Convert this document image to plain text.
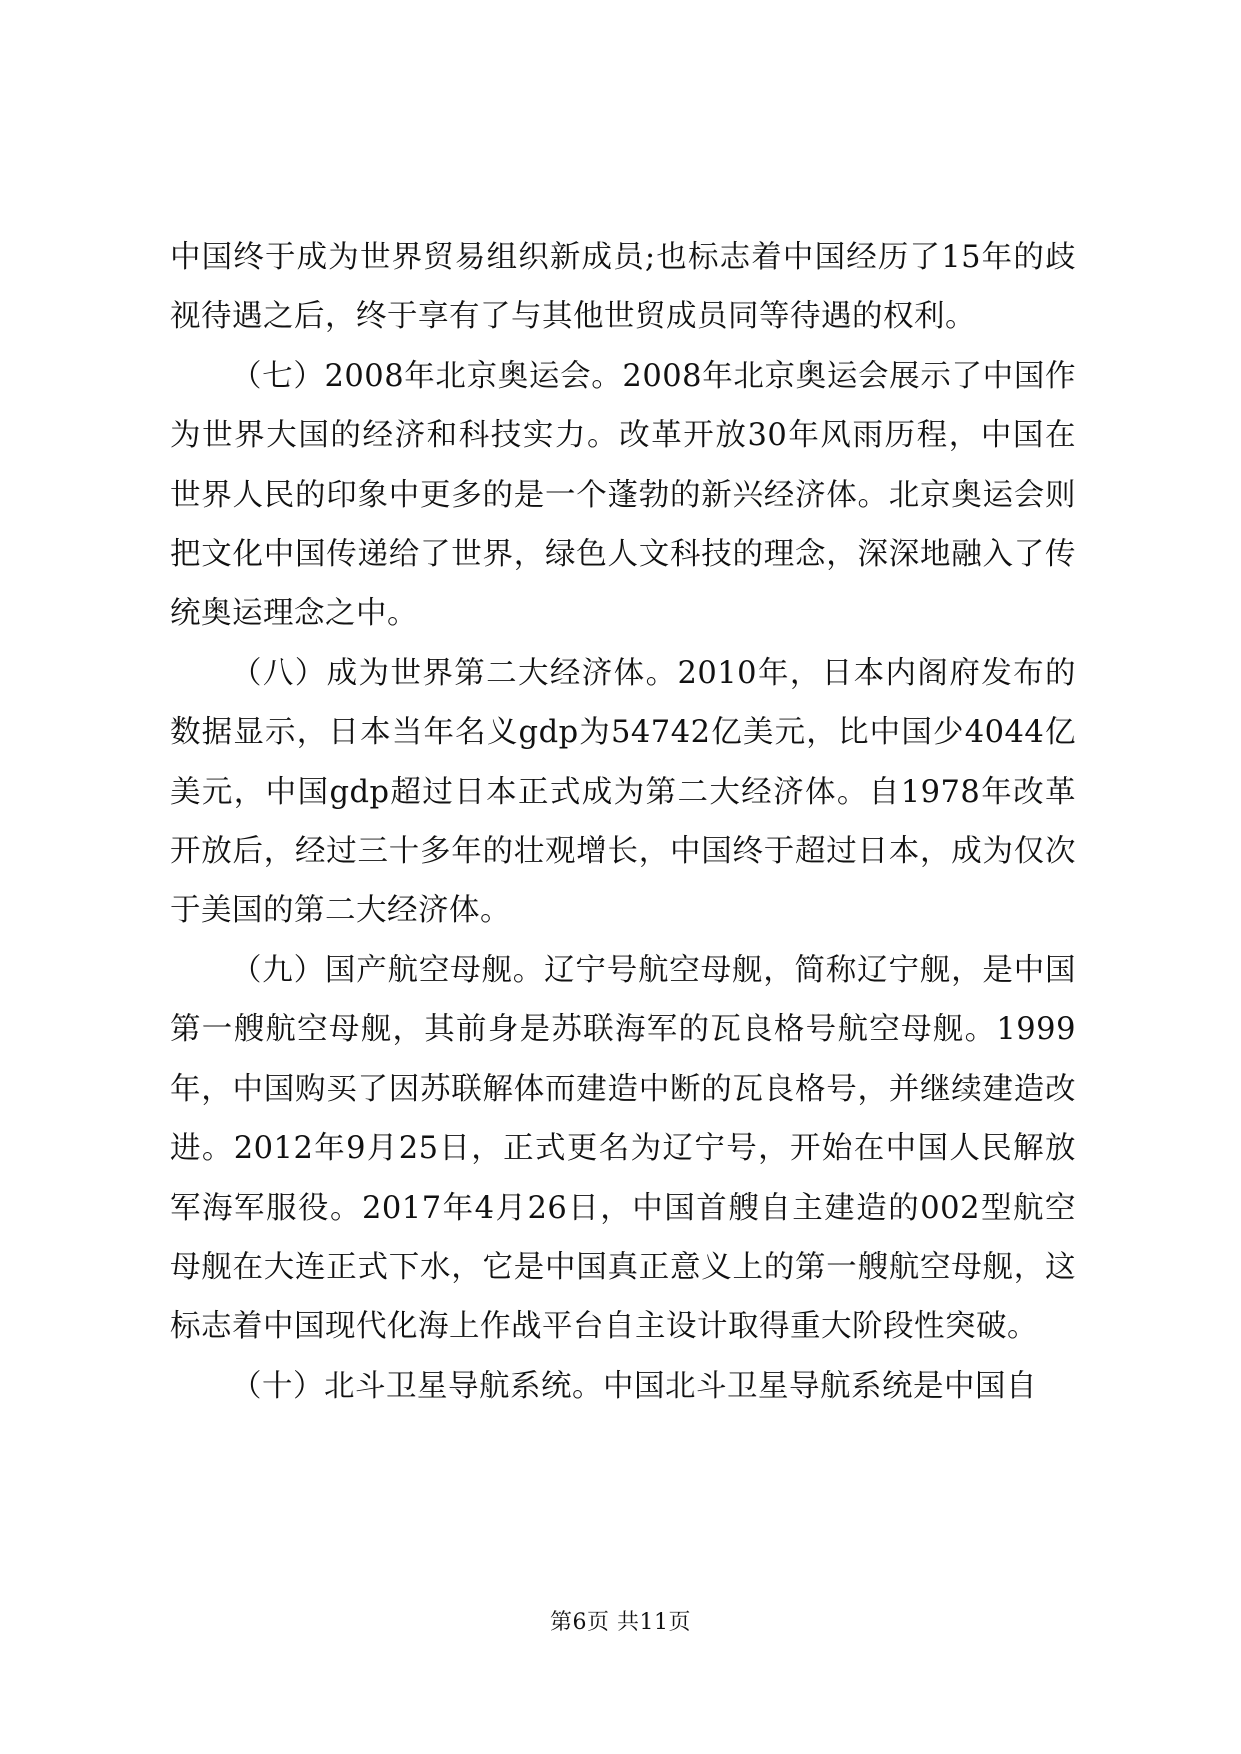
中国终于成为世界贸易组织新成员;也标志着中国经历了15年的歧视待遇之后，终于享有了与其他世贸成员同等待遇的权利。

（七）2008年北京奥运会。2008年北京奥运会展示了中国作为世界大国的经济和科技实力。改革开放30年风雨历程，中国在世界人民的印象中更多的是一个蓬勃的新兴经济体。北京奥运会则把文化中国传递给了世界，绿色人文科技的理念，深深地融入了传统奥运理念之中。

（八）成为世界第二大经济体。2010年，日本内阁府发布的数据显示，日本当年名义gdp为54742亿美元，比中国少4044亿美元，中国gdp超过日本正式成为第二大经济体。自1978年改革开放后，经过三十多年的壮观增长，中国终于超过日本，成为仅次于美国的第二大经济体。

（九）国产航空母舰。辽宁号航空母舰，简称辽宁舰，是中国第一艘航空母舰，其前身是苏联海军的瓦良格号航空母舰。1999年，中国购买了因苏联解体而建造中断的瓦良格号，并继续建造改进。2012年9月25日，正式更名为辽宁号，开始在中国人民解放军海军服役。2017年4月26日，中国首艘自主建造的002型航空母舰在大连正式下水，它是中国真正意义上的第一艘航空母舰，这标志着中国现代化海上作战平台自主设计取得重大阶段性突破。

（十）北斗卫星导航系统。中国北斗卫星导航系统是中国自

第6页 共11页
